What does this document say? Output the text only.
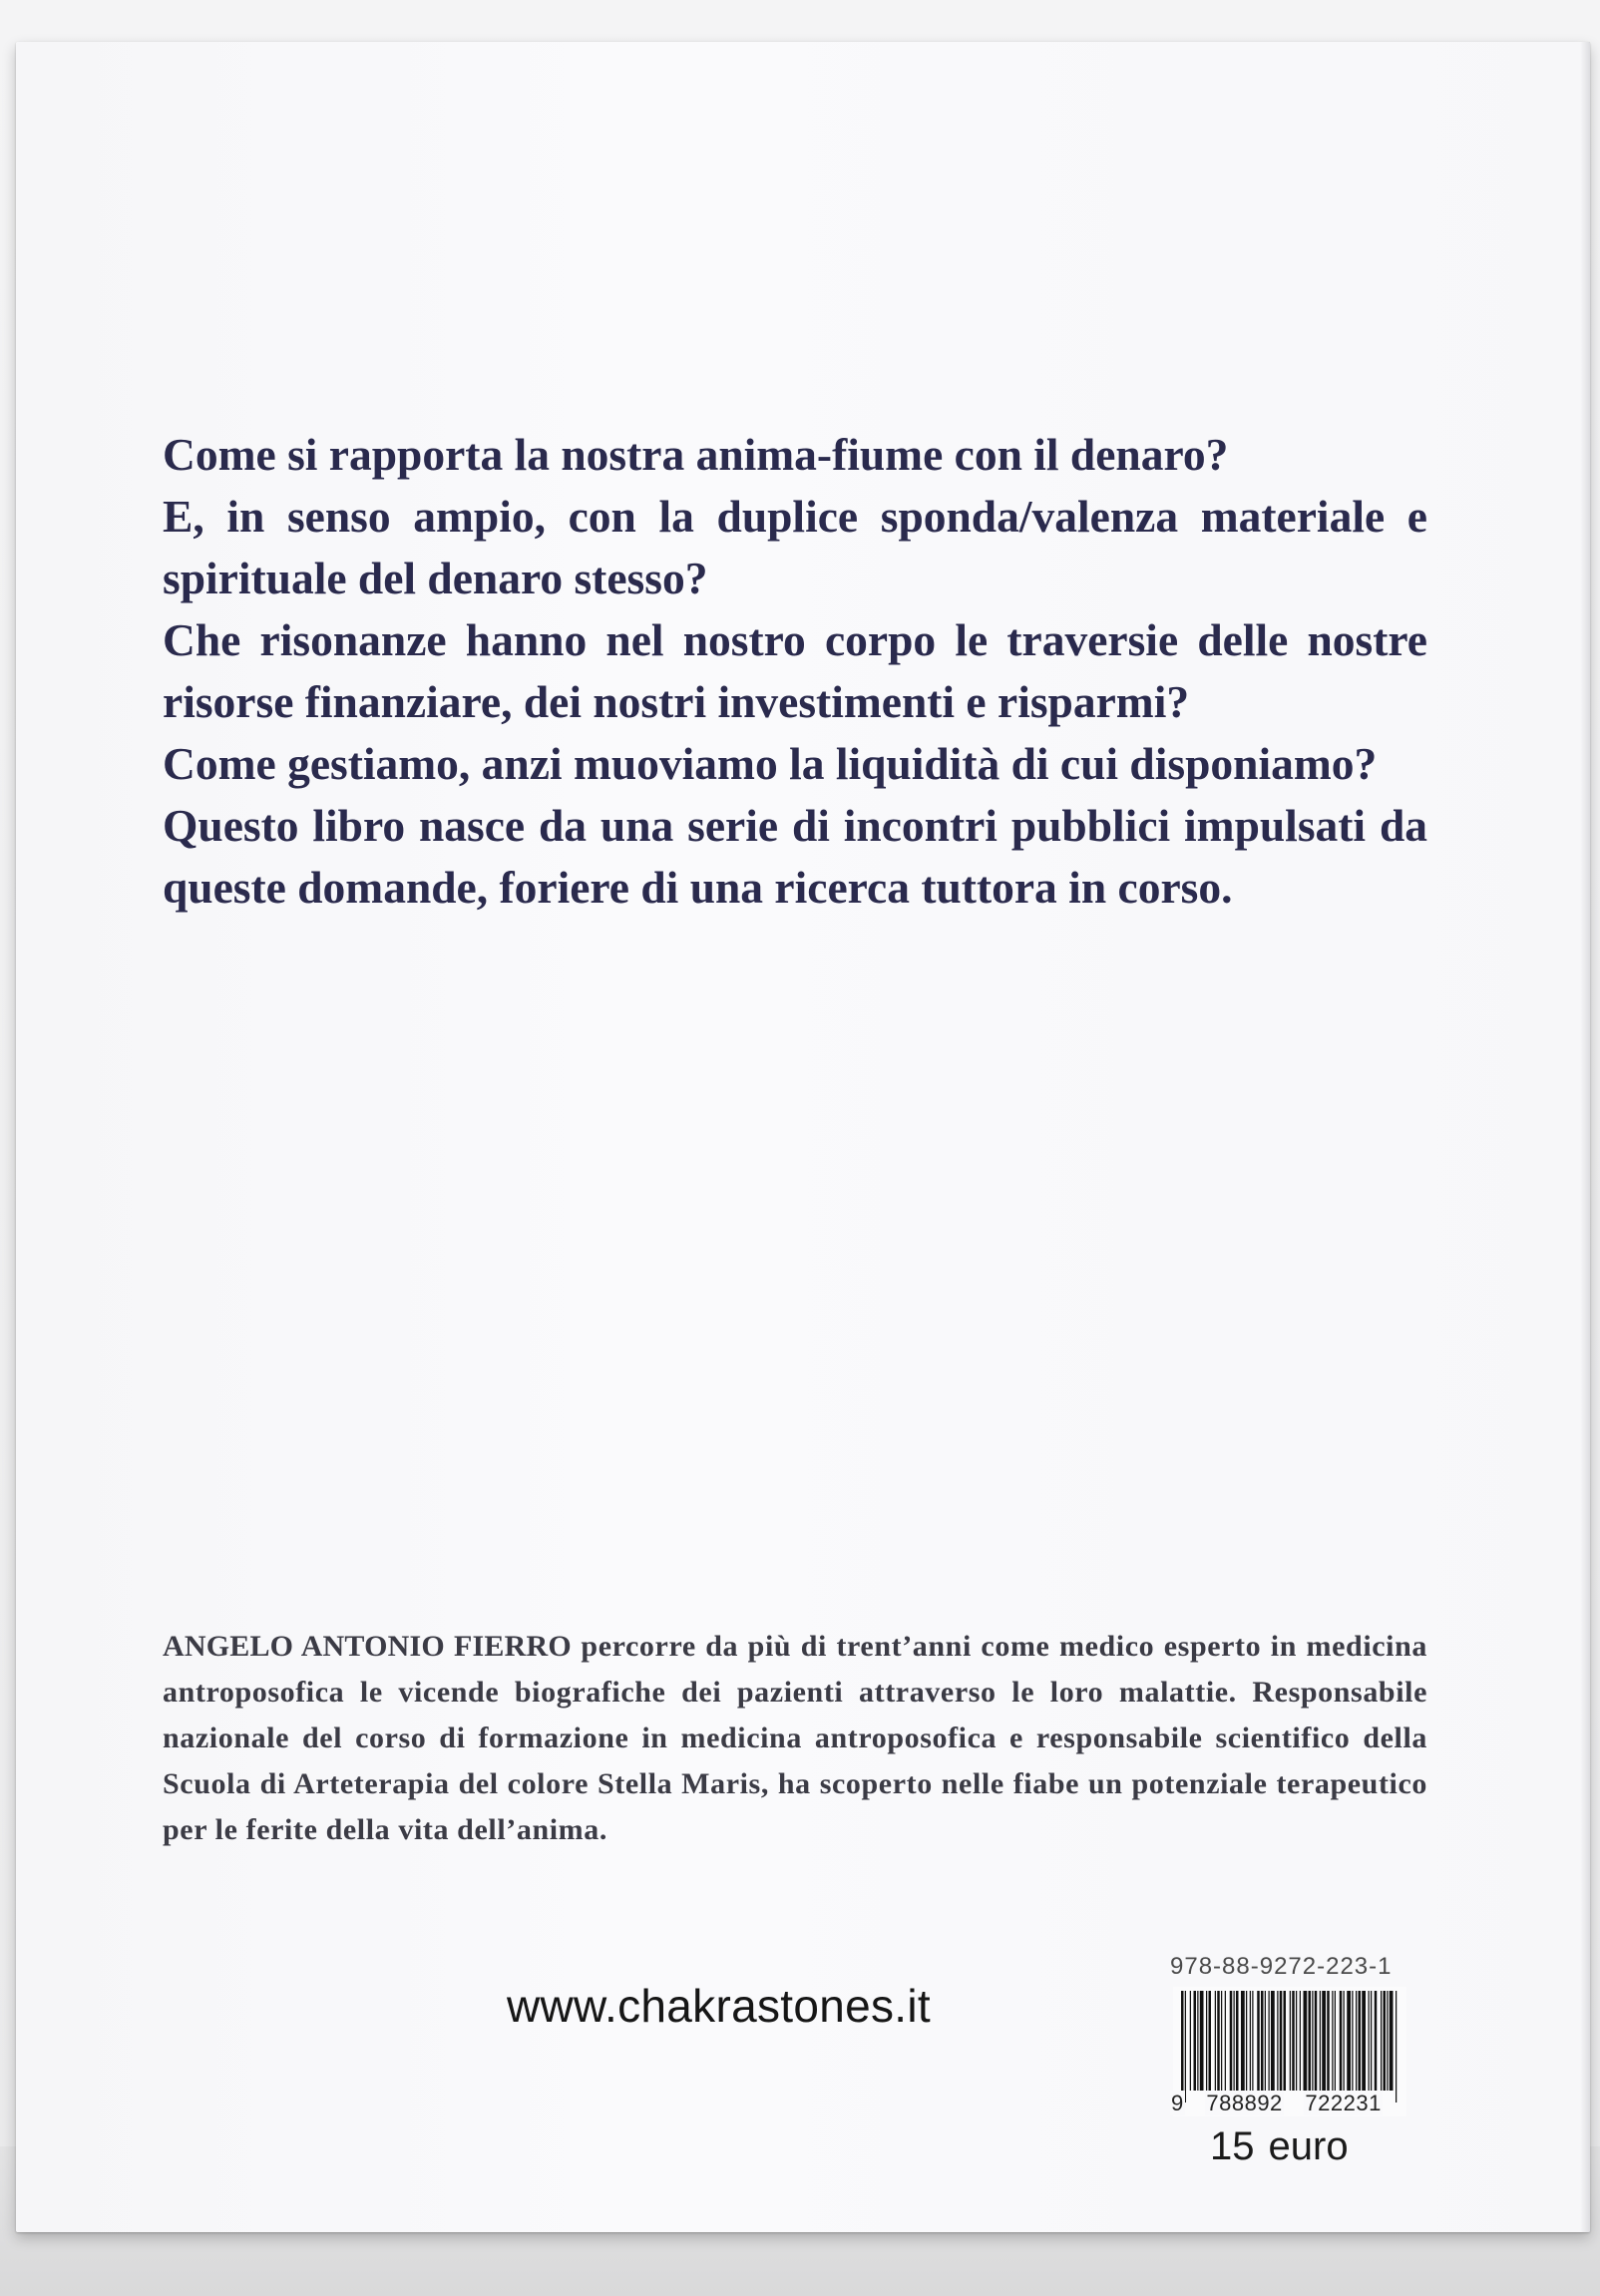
Come si rapporta la nostra anima-fiume con il denaro?

E, in senso ampio, con la duplice sponda/valenza materiale e spirituale del denaro stesso?

Che risonanze hanno nel nostro corpo le traversie delle nostre risorse finanziare, dei nostri investimenti e risparmi?

Come gestiamo, anzi muoviamo la liquidità di cui disponiamo?

Questo libro nasce da una serie di incontri pubblici impulsati da queste domande, foriere di una ricerca tuttora in corso.

ANGELO ANTONIO FIERRO percorre da più di trent’anni come medico esperto in medicina antroposofica le vicende biografiche dei pazienti attraverso le loro malattie. Responsabile nazionale del corso di formazione in medicina antroposofica e responsabile scientifico della Scuola di Arteterapia del colore Stella Maris, ha scoperto nelle fiabe un potenziale terapeutico per le ferite della vita dell’anima.

www.chakrastones.it
978-88-9272-223-1
9 788892 722231
15 euro
